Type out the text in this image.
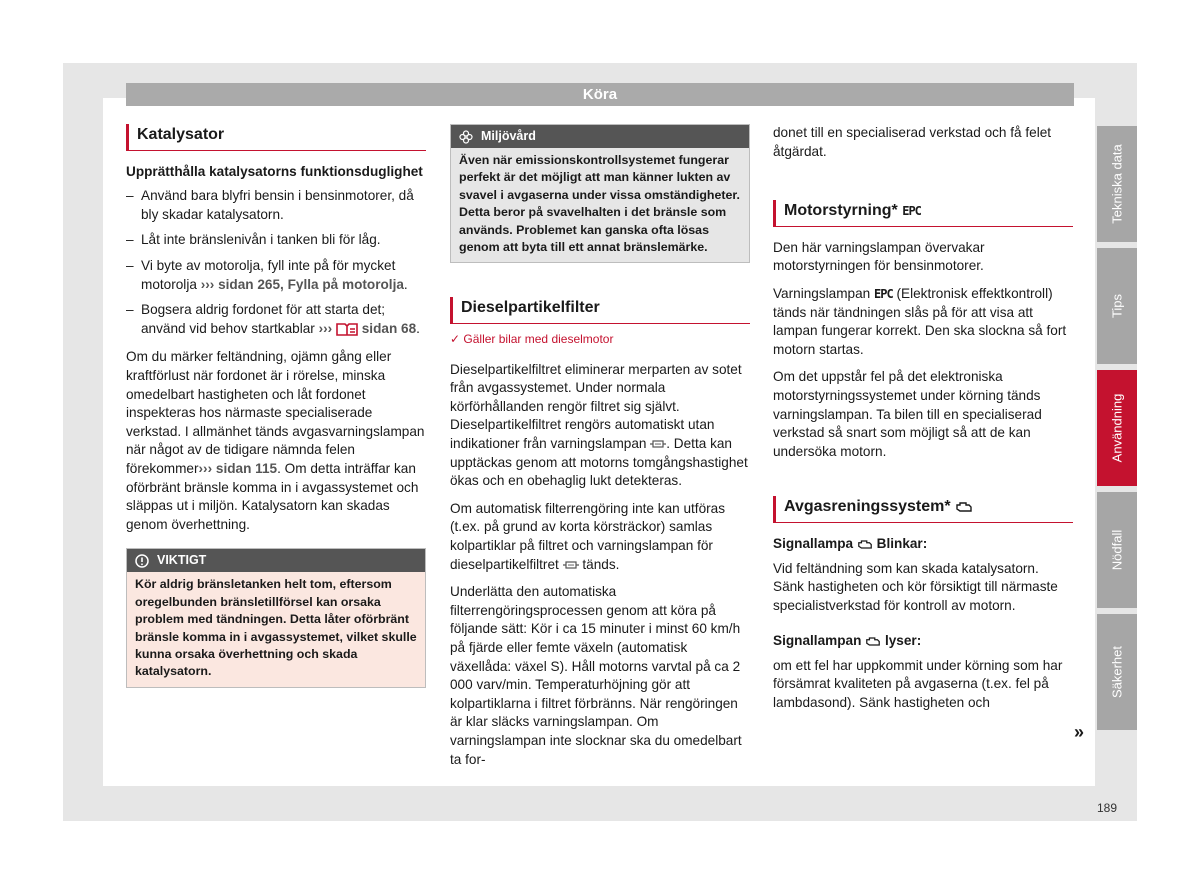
Köra
Katalysator
Upprätthålla katalysatorns funktionsduglighet
– Använd bara blyfri bensin i bensinmotorer, då bly skadar katalysatorn.
– Låt inte bränslenivån i tanken bli för låg.
– Vi byte av motorolja, fyll inte på för mycket motorolja ››› sidan 265, Fylla på motorolja.
– Bogsera aldrig fordonet för att starta det; använd vid behov startkablar ››› sidan 68.

Om du märker feltändning, ojämn gång eller kraftförlust när fordonet är i rörelse, minska omedelbart hastigheten och låt fordonet inspekteras hos närmaste specialiserade verkstad. I allmänhet tänds avgasvarningslampan när något av de tidigare nämnda felen förekommer››› sidan 115. Om detta inträffar kan oförbränt bränsle komma in i avgassystemet och släppas ut i miljön. Katalysatorn kan skadas genom överhettning.

VIKTIGT
Kör aldrig bränsletanken helt tom, eftersom oregelbunden bränsletillförsel kan orsaka problem med tändningen. Detta låter oförbränt bränsle komma in i avgassystemet, vilket skulle kunna orsaka överhettning och skada katalysatorn.
Miljövård
Även när emissionskontrollsystemet fungerar perfekt är det möjligt att man känner lukten av svavel i avgaserna under vissa omständigheter. Detta beror på svavelhalten i det bränsle som används. Problemet kan ganska ofta lösas genom att byta till ett annat bränslemärke.
Dieselpartikelfilter
✓ Gäller bilar med dieselmotor

Dieselpartikelfiltret eliminerar merparten av sotet från avgassystemet. Under normala körförhållanden rengör filtret sig självt. Dieselpartikelfiltret rengörs automatiskt utan indikationer från varningslampan . Detta kan upptäckas genom att motorns tomgångshastighet ökas och en obehaglig lukt detekteras.

Om automatisk filterrengöring inte kan utföras (t.ex. på grund av korta körsträckor) samlas kolpartiklar på filtret och varningslampan för dieselpartikelfiltret tänds.

Underlätta den automatiska filterrengöringsprocessen genom att köra på följande sätt: Kör i ca 15 minuter i minst 60 km/h på fjärde eller femte växeln (automatisk växellåda: växel S). Håll motorns varvtal på ca 2 000 varv/min. Temperaturhöjning gör att kolpartiklarna i filtret förbränns. När rengöringen är klar släcks varningslampan. Om varningslampan inte slocknar ska du omedelbart ta for-

donet till en specialiserad verkstad och få felet åtgärdat.

Motorstyrning* EPC

Den här varningslampan övervakar motorstyrningen för bensinmotorer.

Varningslampan EPC (Elektronisk effektkontroll) tänds när tändningen slås på för att visa att lampan fungerar korrekt. Den ska slockna så fort motorn startas.

Om det uppstår fel på det elektroniska motorstyrningssystemet under körning tänds varningslampan. Ta bilen till en specialiserad verkstad så snart som möjligt så att de kan undersöka motorn.

Avgasreningssystem*
Signallampa Blinkar:

Vid feltändning som kan skada katalysatorn. Sänk hastigheten och kör försiktigt till närmaste specialistverkstad för kontroll av motorn.

Signallampan lyser:

om ett fel har uppkommit under körning som har försämrat kvaliteten på avgaserna (t.ex. fel på lambdasond). Sänk hastigheten och

»
Tekniska data
Tips
Användning
Nödfall
Säkerhet
189
